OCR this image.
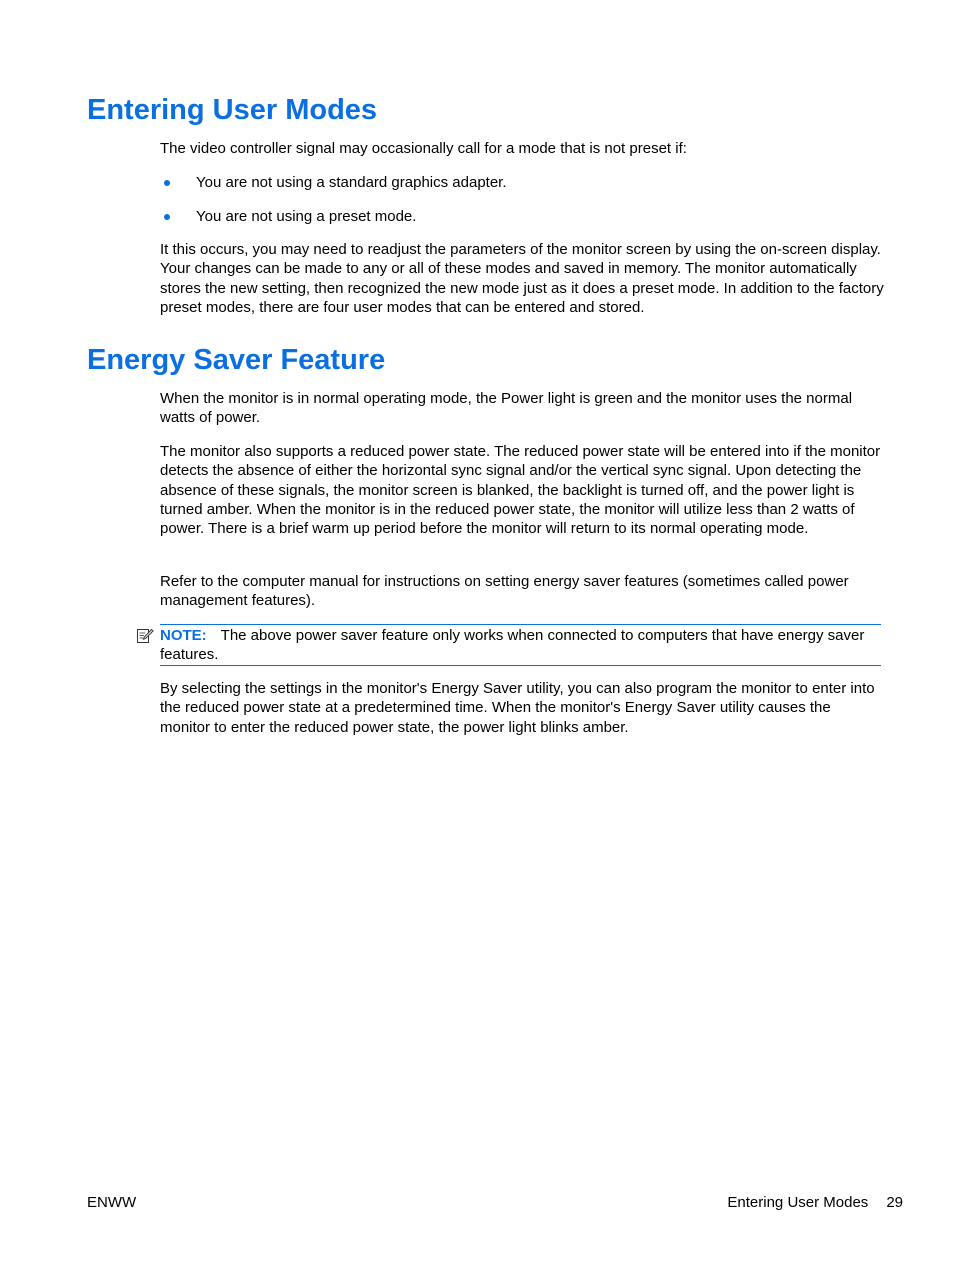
Entering User Modes

The video controller signal may occasionally call for a mode that is not preset if:

You are not using a standard graphics adapter.
You are not using a preset mode.

It this occurs, you may need to readjust the parameters of the monitor screen by using the on-screen display. Your changes can be made to any or all of these modes and saved in memory. The monitor automatically stores the new setting, then recognized the new mode just as it does a preset mode. In addition to the factory preset modes, there are four user modes that can be entered and stored.

Energy Saver Feature

When the monitor is in normal operating mode, the Power light is green and the monitor uses the normal watts of power.

The monitor also supports a reduced power state. The reduced power state will be entered into if the monitor detects the absence of either the horizontal sync signal and/or the vertical sync signal. Upon detecting the absence of these signals, the monitor screen is blanked, the backlight is turned off, and the power light is turned amber. When the monitor is in the reduced power state, the monitor will utilize less than 2 watts of power. There is a brief warm up period before the monitor will return to its normal operating mode.

Refer to the computer manual for instructions on setting energy saver features (sometimes called power management features).

NOTE: The above power saver feature only works when connected to computers that have energy saver features.

By selecting the settings in the monitor's Energy Saver utility, you can also program the monitor to enter into the reduced power state at a predetermined time. When the monitor's Energy Saver utility causes the monitor to enter the reduced power state, the power light blinks amber.

ENWW	Entering User Modes 29
